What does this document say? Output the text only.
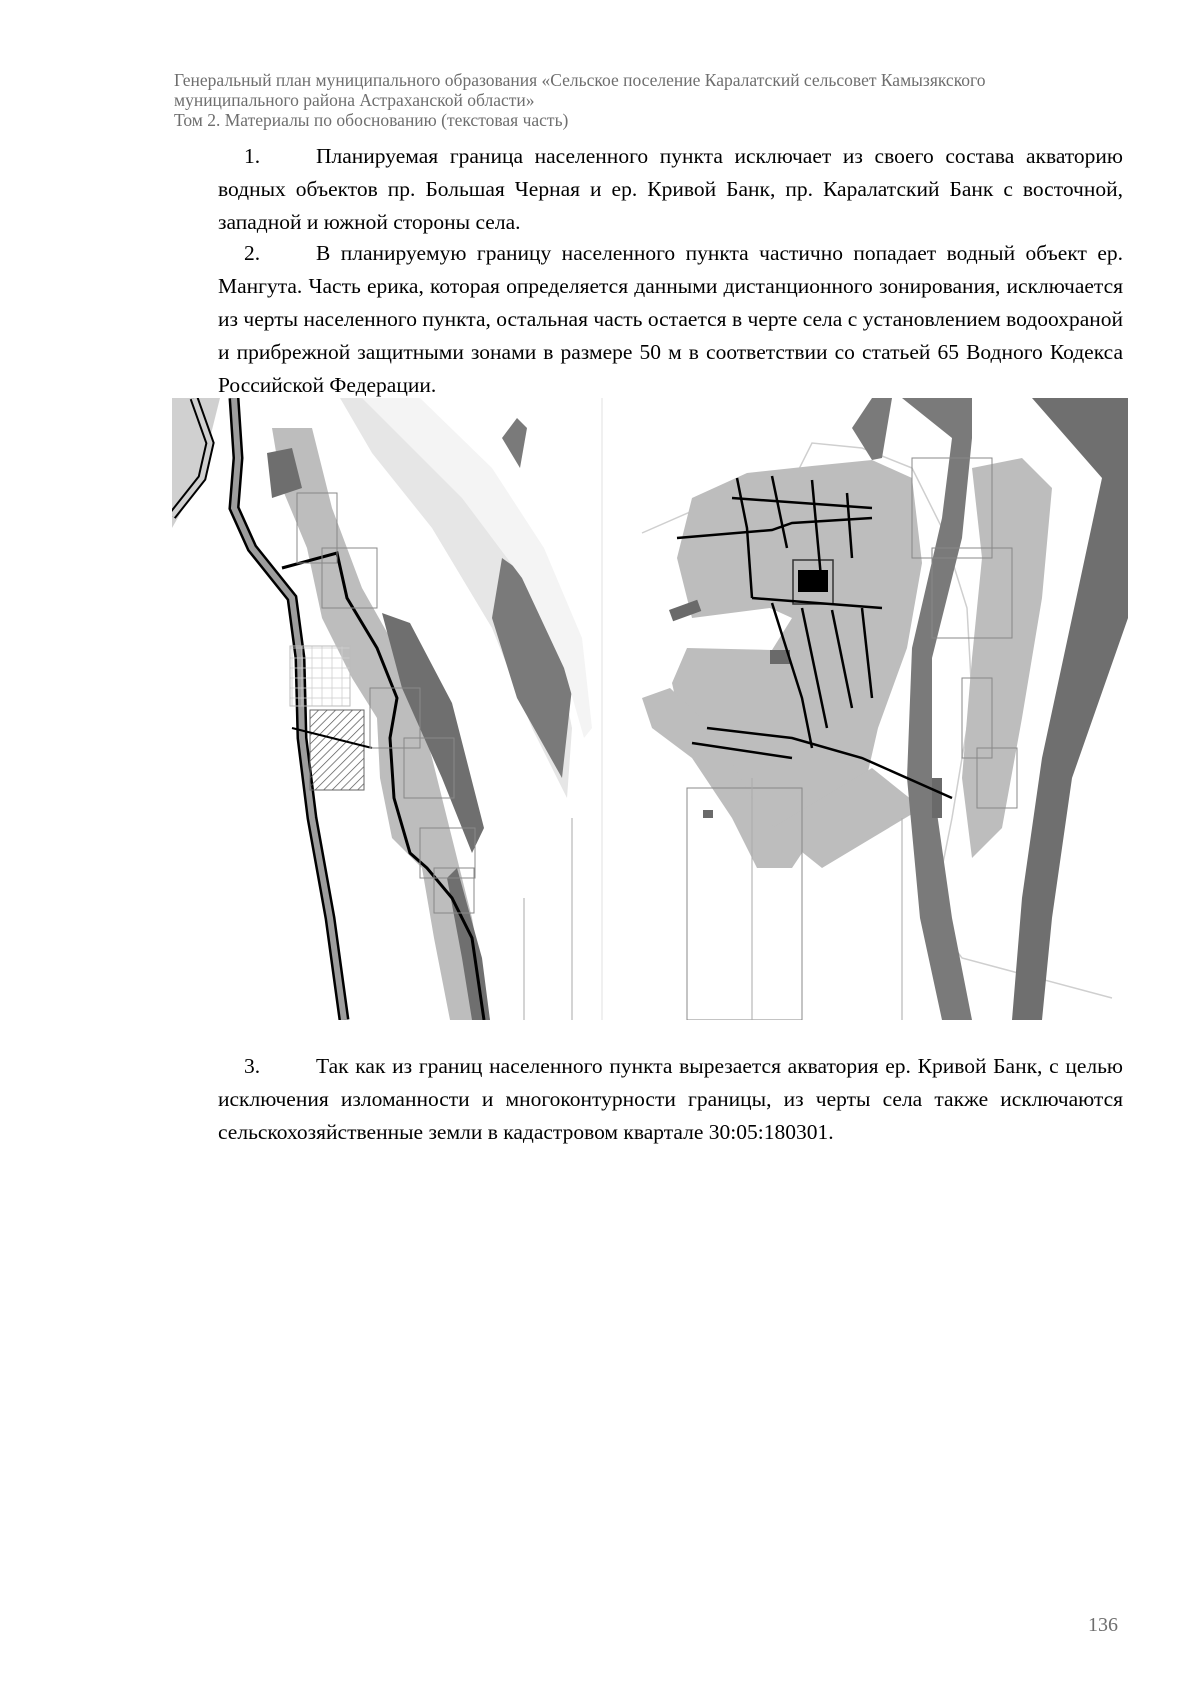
Генеральный план муниципального образования «Сельское поселение Каралатский сельсовет Камызякского
муниципального района Астраханской области»
Том 2. Материалы по обоснованию (текстовая часть)
1.	Планируемая граница населенного пункта исключает из своего состава акваторию водных объектов пр. Большая Черная и ер. Кривой Банк, пр. Каралатский Банк с восточной, западной и южной стороны села.
2.	В планируемую границу населенного пункта частично попадает водный объект ер. Мангута. Часть ерика, которая определяется данными дистанционного зонирования, исключается из черты населенного пункта, остальная часть остается в черте села с установлением водоохраной и прибрежной защитными зонами в размере 50 м в соответствии со статьей 65 Водного Кодекса Российской Федерации.
3.	Так как из границ населенного пункта вырезается акватория ер. Кривой Банк, с целью исключения изломанности и многоконтурности границы, из черты села также исключаются сельскохозяйственные земли в кадастровом квартале 30:05:180301.
136
